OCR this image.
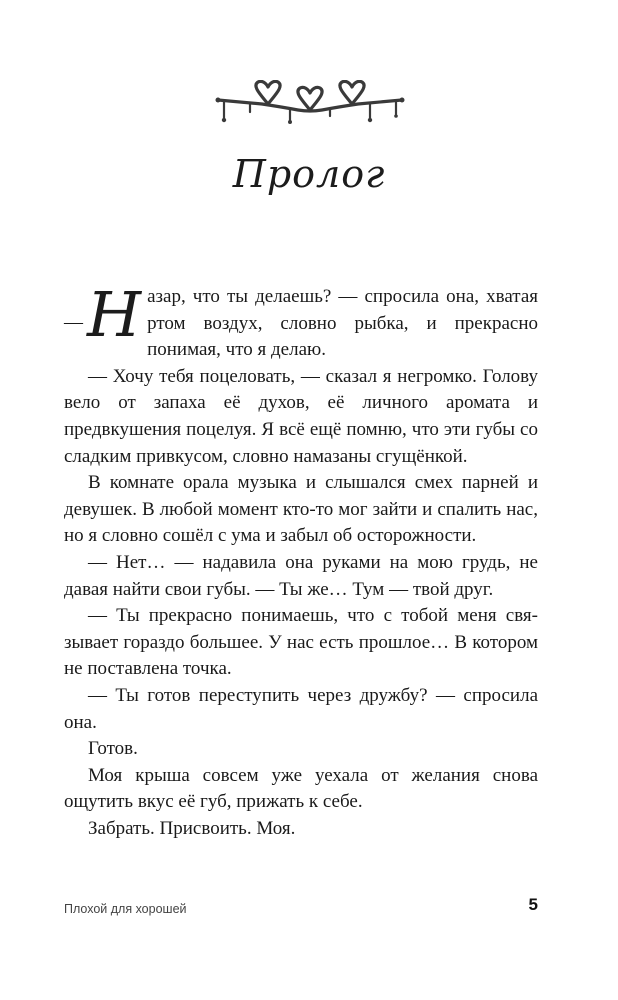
Пролог

— Н азар, что ты делаешь? — спросила она, хватая ртом воздух, словно рыбка, и прекрасно понимая, что я делаю.

— Хочу тебя поцеловать, — сказал я негромко. Голову вело от запаха её духов, её личного аромата и предвкушения поцелуя. Я всё ещё помню, что эти губы со сладким привкусом, словно намазаны сгущёнкой.

В комнате орала музыка и слышался смех парней и девушек. В любой момент кто-то мог зайти и спалить нас, но я словно сошёл с ума и забыл об осторожности.

— Нет… — надавила она руками на мою грудь, не давая найти свои губы. — Ты же… Тум — твой друг.

— Ты прекрасно понимаешь, что с тобой меня связывает гораздо большее. У нас есть прошлое… В котором не поставлена точка.

— Ты готов переступить через дружбу? — спросила она.

Готов.

Моя крыша совсем уже уехала от желания снова ощутить вкус её губ, прижать к себе.

Забрать. Присвоить. Моя.

Плохой для хорошей	5
